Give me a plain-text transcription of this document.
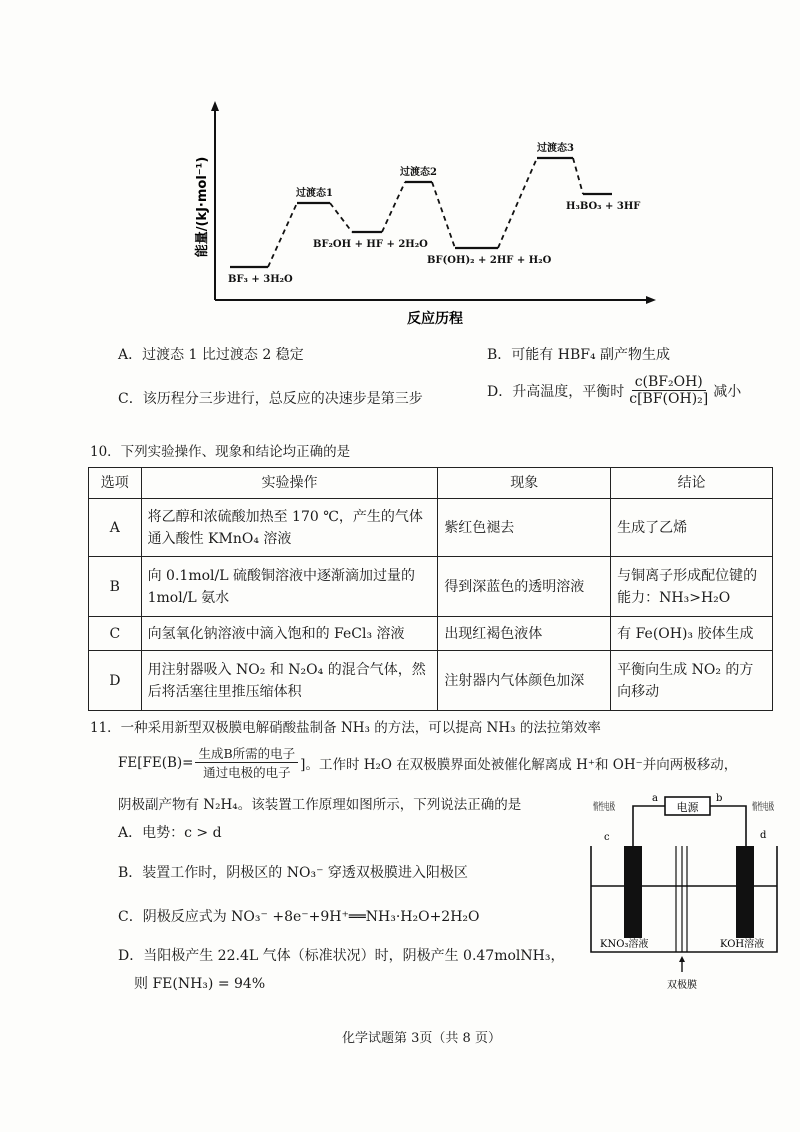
能量/(kJ·mol⁻¹)
BF₃ + 3H₂O
过渡态1
BF₂OH + HF + 2H₂O
过渡态2
BF(OH)₂ + 2HF + H₂O
过渡态3
H₃BO₃ + 3HF
反应历程
A．过渡态 1 比过渡态 2 稳定	B．可能有 HBF₄ 副产物生成
C．该历程分三步进行，总反应的决速步是第三步	D．升高温度，平衡时 $\frac{\text{c(BF₂OH)}}{\text{c[BF(OH)₂]}}$ 减小
10．下列实验操作、现象和结论均正确的是
选项	实验操作	现象	结论
A	将乙醇和浓硫酸加热至 170 ℃，产生的气体通入酸性 KMnO₄ 溶液	紫红色褪去	生成了乙烯
B	向 0.1mol/L 硫酸铜溶液中逐渐滴加过量的 1mol/L 氨水	得到深蓝色的透明溶液	与铜离子形成配位键的能力：NH₃>H₂O
C	向氢氧化钠溶液中滴入饱和的 FeCl₃ 溶液	出现红褐色液体	有 Fe(OH)₃ 胶体生成
D	用注射器吸入 NO₂ 和 N₂O₄ 的混合气体，然后将活塞往里推压缩体积	注射器内气体颜色加深	平衡向生成 NO₂ 的方向移动
11．一种采用新型双极膜电解硝酸盐制备 NH₃ 的方法，可以提高 NH₃ 的法拉第效率
$FE[FE(B)= \frac{\text{生成B所需的电子}}{\text{通过电极的电子}}$ ]。工作时 H₂O 在双极膜界面处被催化解离成 H⁺和 OH⁻并向两极移动，
阴极副产物有 N₂H₄。该装置工作原理如图所示，下列说法正确的是
A．电势：c > d
B．装置工作时，阴极区的 NO₃⁻ 穿透双极膜进入阳极区
C．阴极反应式为 NO₃⁻ +8e⁻+9H⁺══NH₃·H₂O+2H₂O
D．当阳极产生 22.4L 气体（标准状况）时，阴极产生 0.47molNH₃，
则 FE(NH₃) = 94%
电源
a	b
惰性电极	惰性电极
c	d
KNO₃溶液	KOH溶液
双极膜
化学试题第 3页（共 8 页）
